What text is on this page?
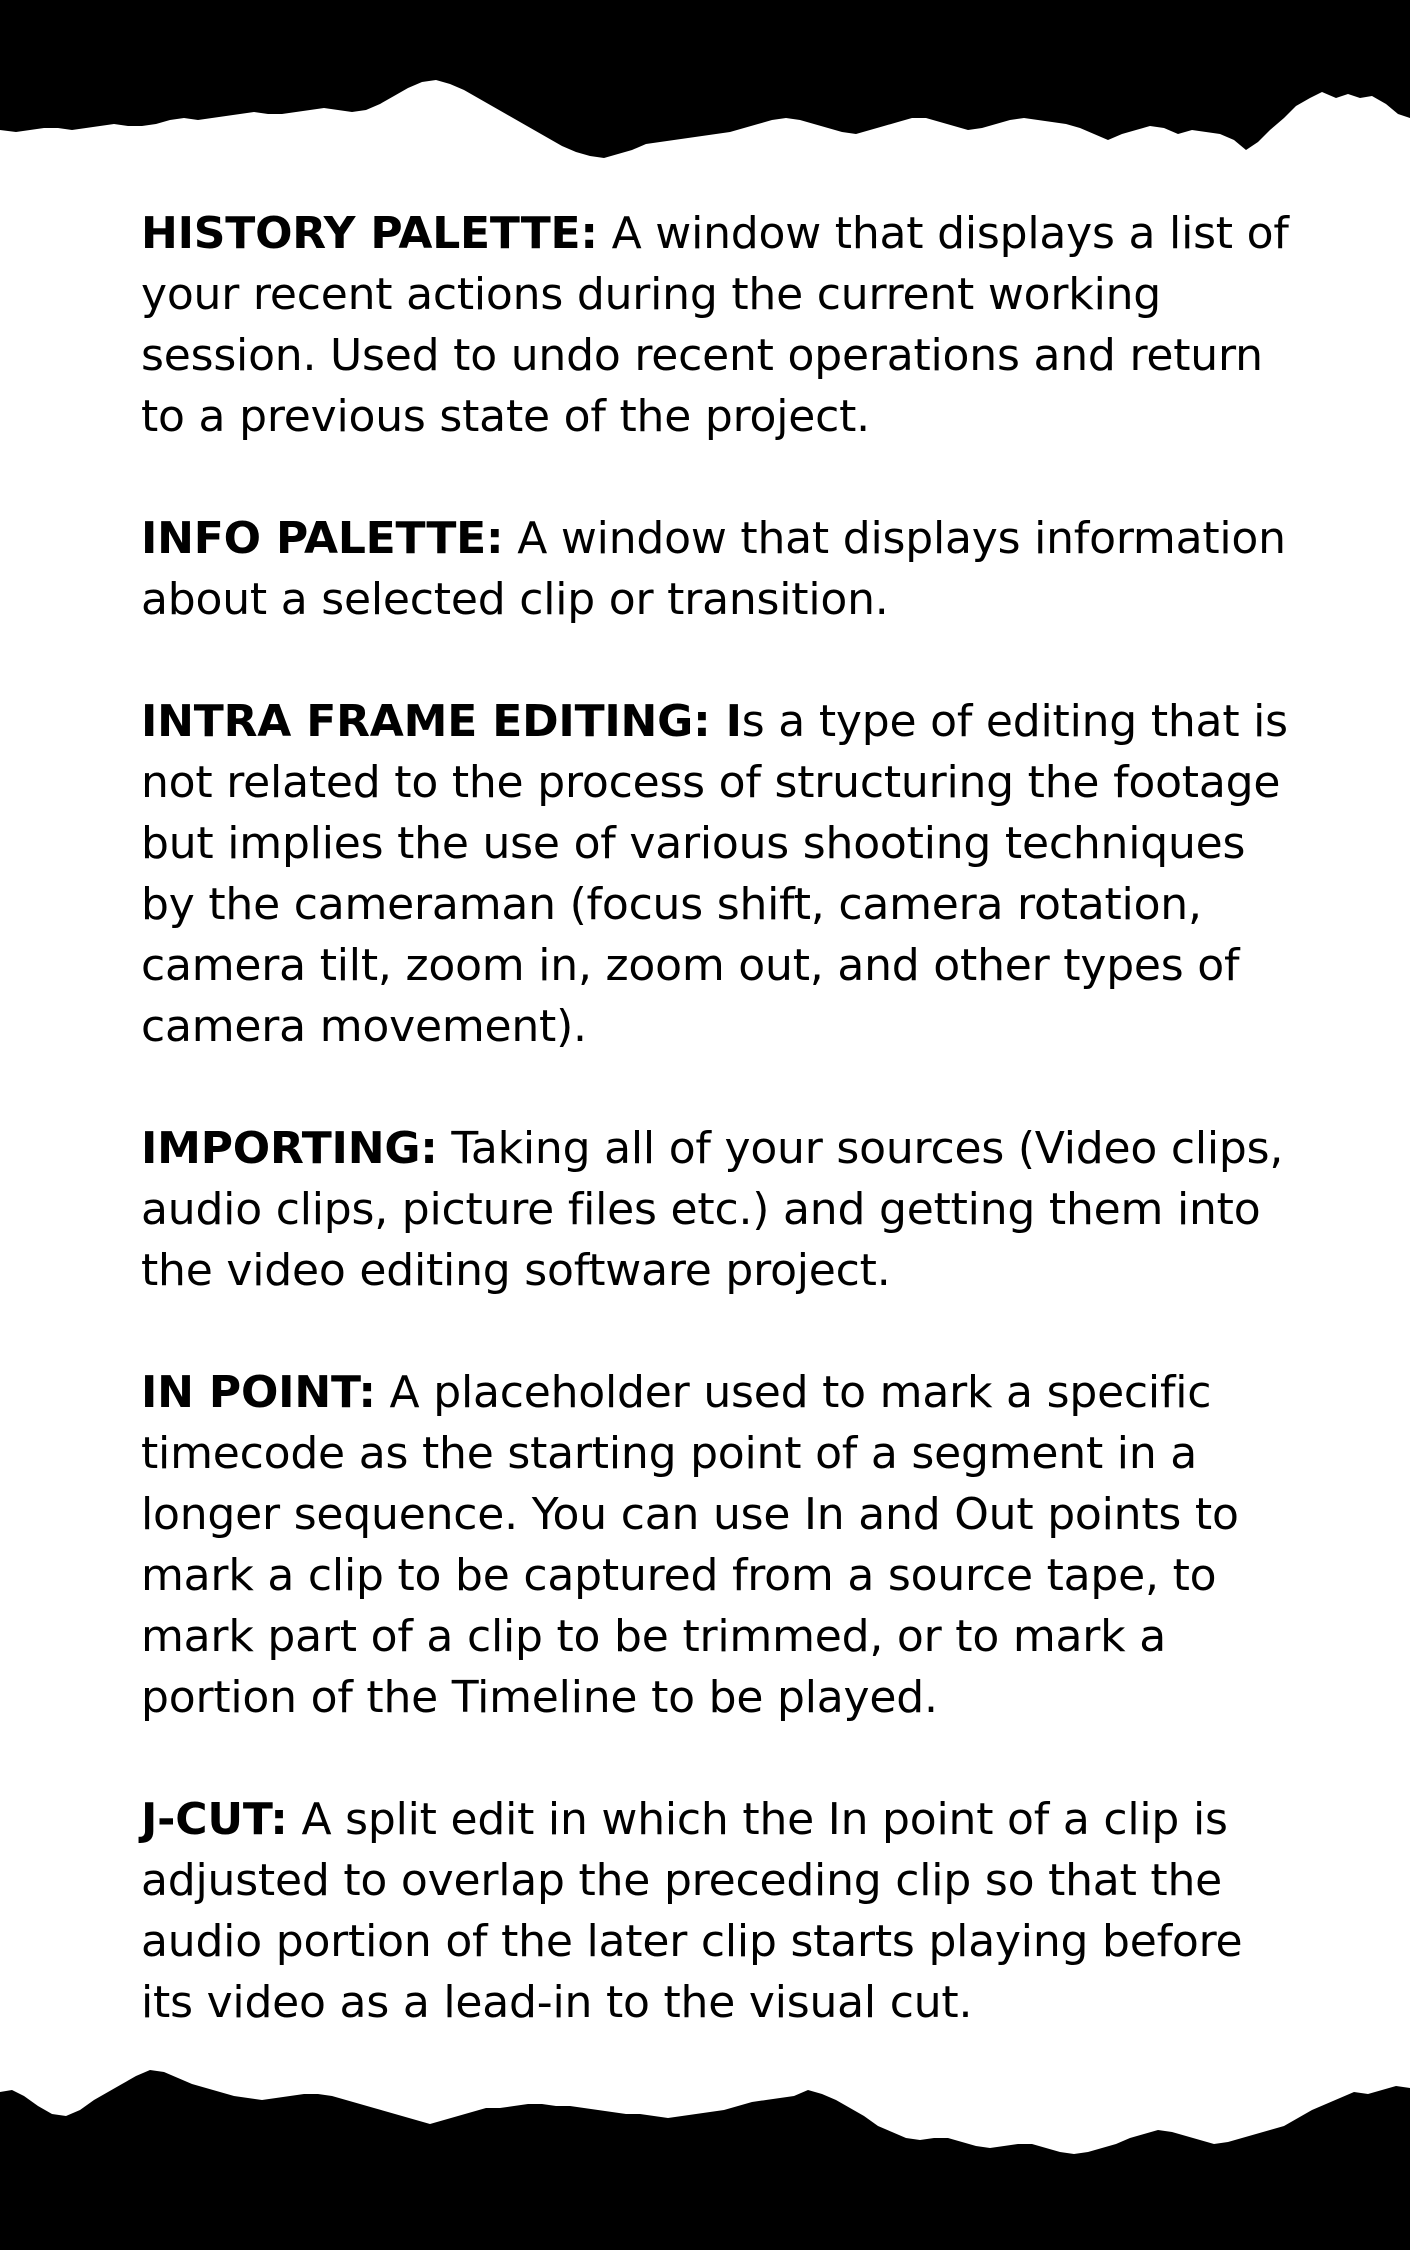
HISTORY PALETTE: A window that displays a list of your recent actions during the current working session. Used to undo recent operations and return to a previous state of the project.

INFO PALETTE: A window that displays information about a selected clip or transition.

INTRA FRAME EDITING: Is a type of editing that is not related to the process of structuring the footage but implies the use of various shooting techniques by the cameraman (focus shift, camera rotation, camera tilt, zoom in, zoom out, and other types of camera movement).

IMPORTING: Taking all of your sources (Video clips, audio clips, picture files etc.) and getting them into the video editing software project.

IN POINT: A placeholder used to mark a specific timecode as the starting point of a segment in a longer sequence. You can use In and Out points to mark a clip to be captured from a source tape, to mark part of a clip to be trimmed, or to mark a portion of the Timeline to be played.

J-CUT: A split edit in which the In point of a clip is adjusted to overlap the preceding clip so that the audio portion of the later clip starts playing before its video as a lead-in to the visual cut.
